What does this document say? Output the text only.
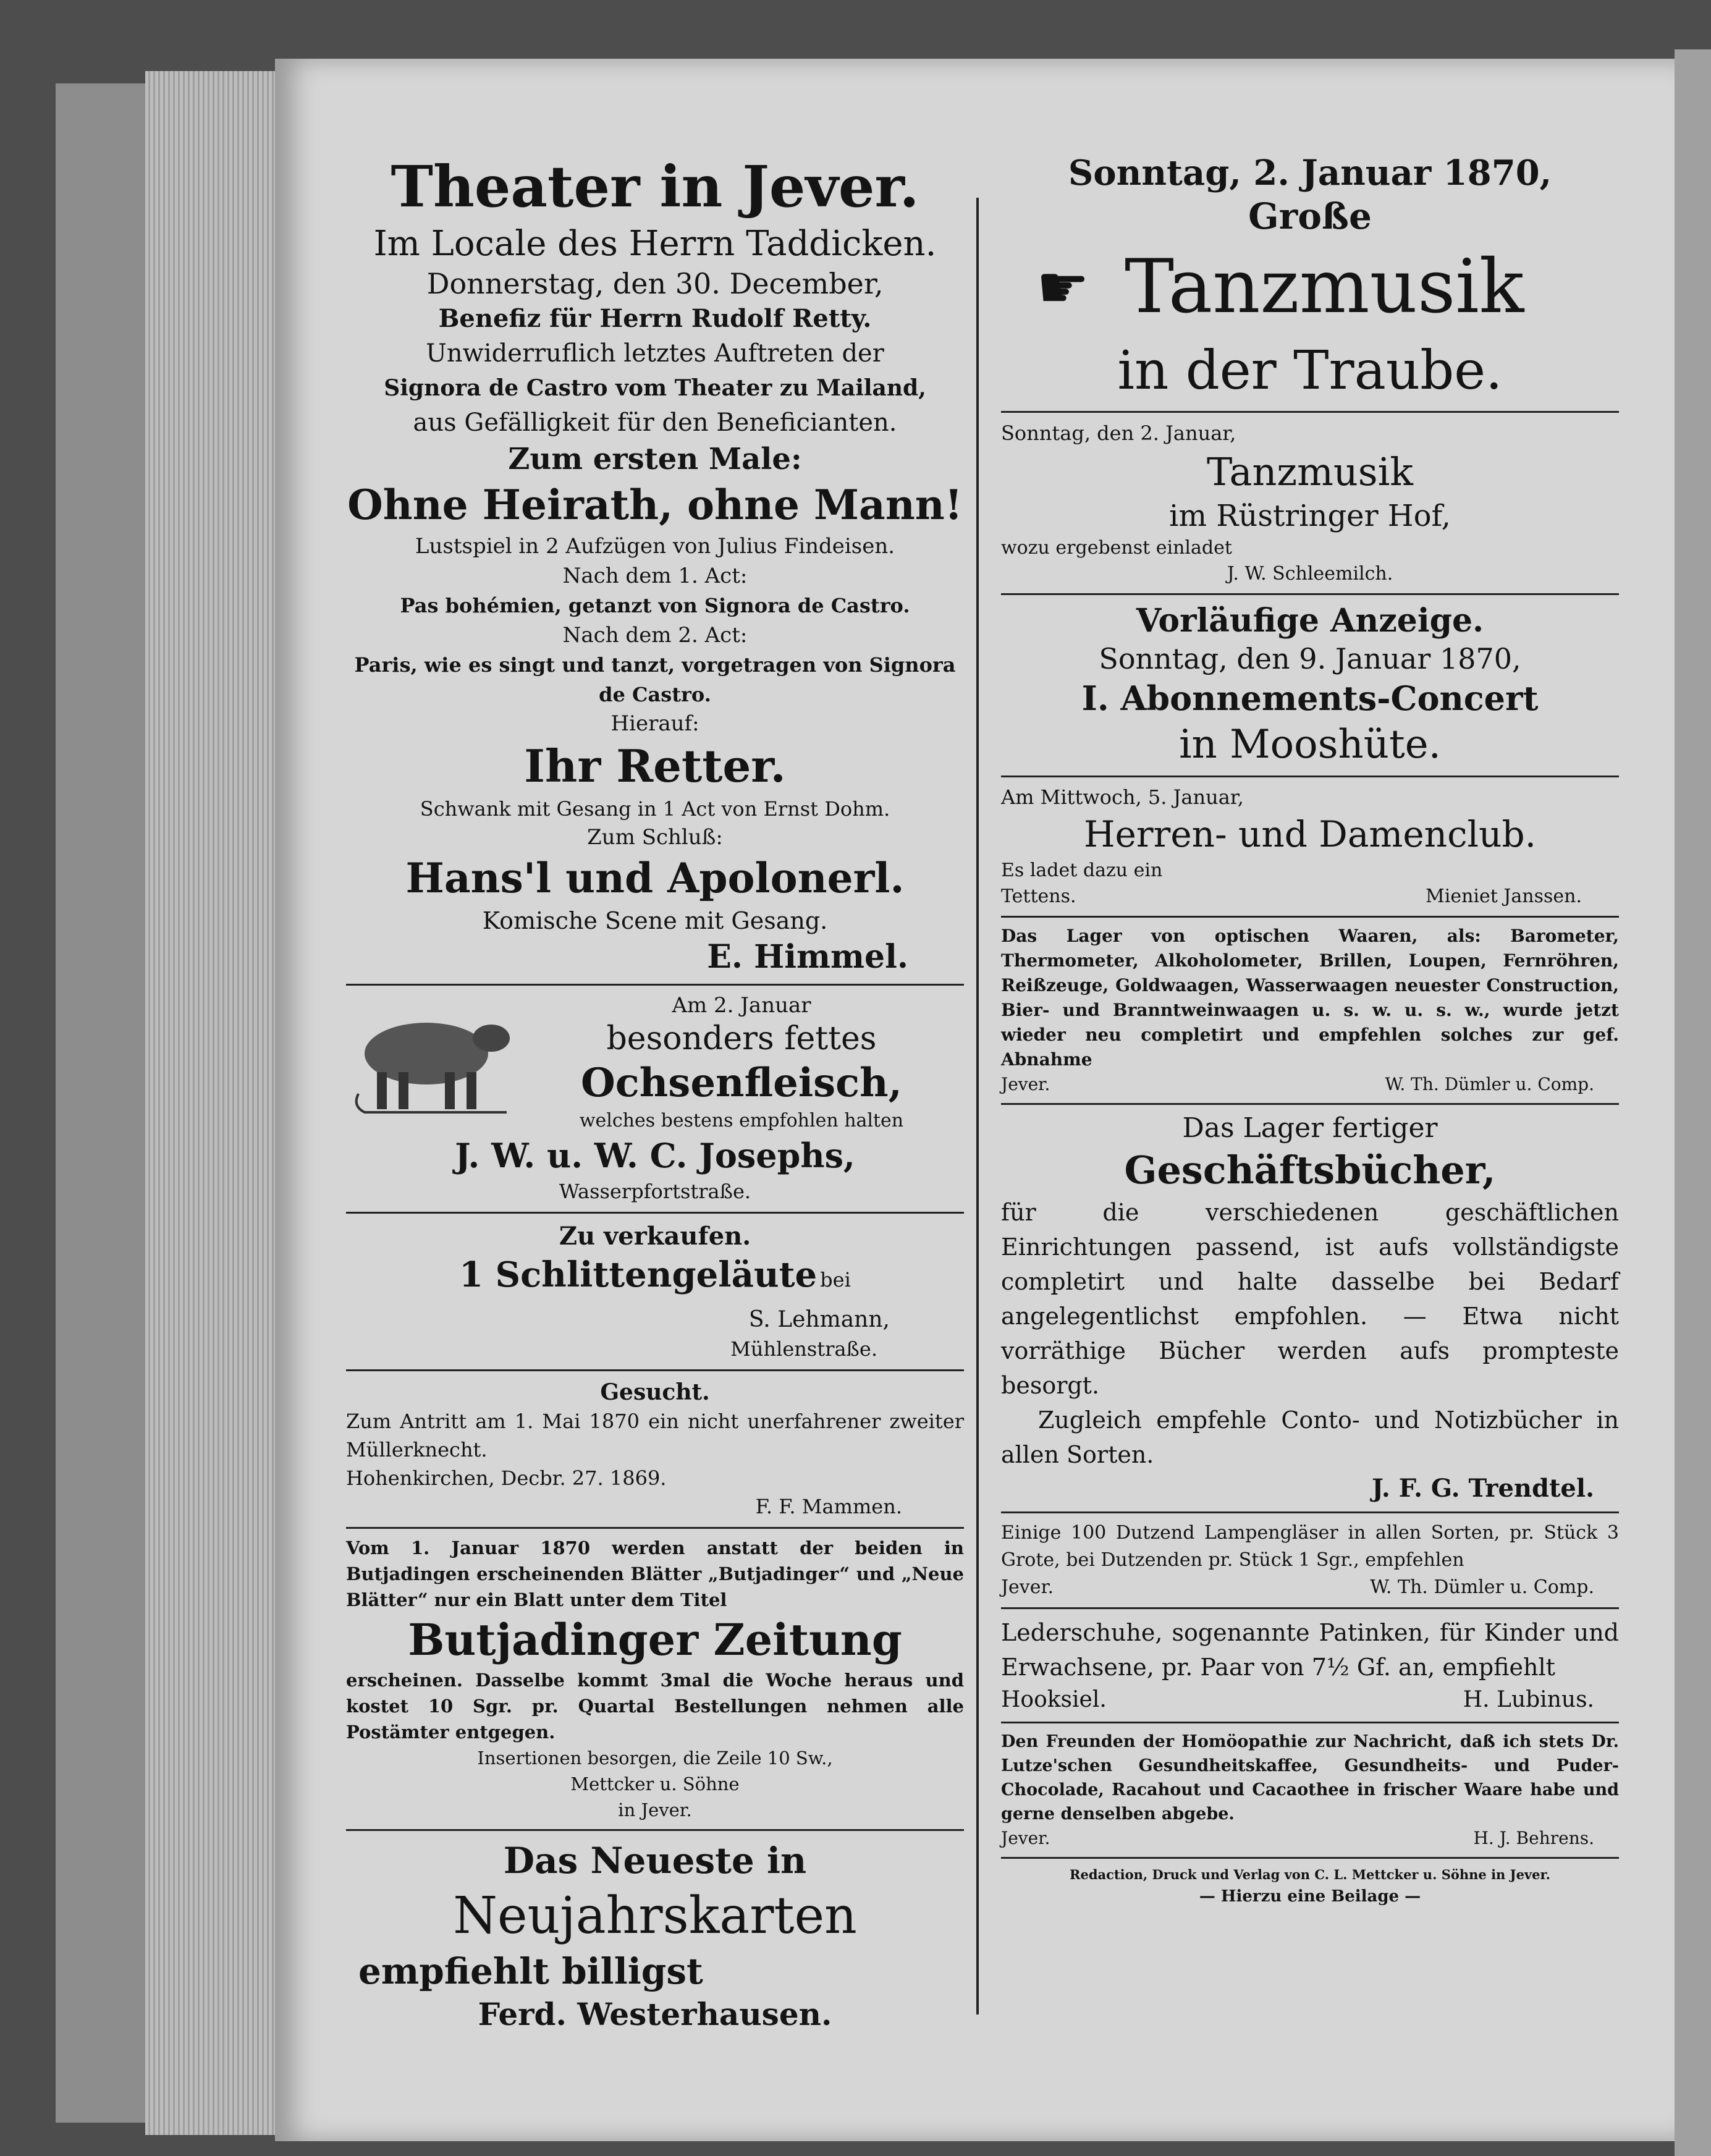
Theater in Jever.

Im Locale des Herrn Taddicken.

Donnerstag, den 30. December,

Benefiz für Herrn Rudolf Retty.

Unwiderruflich letztes Auftreten der

Signora de Castro vom Theater zu Mailand,

aus Gefälligkeit für den Beneficianten.

Zum ersten Male:

Ohne Heirath, ohne Mann!

Lustspiel in 2 Aufzügen von Julius Findeisen.

Nach dem 1. Act:

Pas bohémien, getanzt von Signora de Castro.

Nach dem 2. Act:

Paris, wie es singt und tanzt, vorgetragen von Signora de Castro.

Hierauf:

Ihr Retter.

Schwank mit Gesang in 1 Act von Ernst Dohm.

Zum Schluß:

Hans'l und Apolonerl.

Komische Scene mit Gesang.

E. Himmel.

Am 2. Januar

besonders fettes

Ochsenfleisch,

welches bestens empfohlen halten

J. W. u. W. C. Josephs,

Wasserpfortstraße.

Zu verkaufen.

1 Schlittengeläute bei

S. Lehmann,

Mühlenstraße.

Gesucht.

Zum Antritt am 1. Mai 1870 ein nicht unerfahrener zweiter Müllerknecht.

Hohenkirchen, Decbr. 27. 1869.

F. F. Mammen.

Vom 1. Januar 1870 werden anstatt der beiden in Butjadingen erscheinenden Blätter „Butjadinger“ und „Neue Blätter“ nur ein Blatt unter dem Titel

Butjadinger Zeitung

erscheinen. Dasselbe kommt 3mal die Woche heraus und kostet 10 Sgr. pr. Quartal Bestellungen nehmen alle Postämter entgegen.

Insertionen besorgen, die Zeile 10 Sw.,

Mettcker u. Söhne

in Jever.

Das Neueste in

Neujahrskarten

empfiehlt billigst

Ferd. Westerhausen.

Sonntag, 2. Januar 1870,

Große

☛ Tanzmusik

in der Traube.

Sonntag, den 2. Januar,

Tanzmusik

im Rüstringer Hof,

wozu ergebenst einladet

J. W. Schleemilch.

Vorläufige Anzeige.

Sonntag, den 9. Januar 1870,

I. Abonnements-Concert

in Mooshüte.

Am Mittwoch, 5. Januar,

Herren- und Damenclub.

Es ladet dazu ein

Tettens.	Mieniet Janssen.

Das Lager von optischen Waaren, als: Barometer, Thermometer, Alkoholometer, Brillen, Loupen, Fernröhren, Reißzeuge, Goldwaagen, Wasserwaagen neuester Construction, Bier- und Branntweinwaagen u. s. w. u. s. w., wurde jetzt wieder neu completirt und empfehlen solches zur gef. Abnahme

Jever.	W. Th. Dümler u. Comp.

Das Lager fertiger

Geschäftsbücher,

für die verschiedenen geschäftlichen Einrichtungen passend, ist aufs vollständigste completirt und halte dasselbe bei Bedarf angelegentlichst empfohlen. — Etwa nicht vorräthige Bücher werden aufs prompteste besorgt.

Zugleich empfehle Conto- und Notizbücher in allen Sorten.

J. F. G. Trendtel.

Einige 100 Dutzend Lampengläser in allen Sorten, pr. Stück 3 Grote, bei Dutzenden pr. Stück 1 Sgr., empfehlen

Jever.	W. Th. Dümler u. Comp.

Lederschuhe, sogenannte Patinken, für Kinder und Erwachsene, pr. Paar von 7½ Gf. an, empfiehlt

Hooksiel.	H. Lubinus.

Den Freunden der Homöopathie zur Nachricht, daß ich stets Dr. Lutze'schen Gesundheitskaffee, Gesundheits- und Puder-Chocolade, Racahout und Cacaothee in frischer Waare habe und gerne denselben abgebe.

Jever.	H. J. Behrens.

Redaction, Druck und Verlag von C. L. Mettcker u. Söhne in Jever.

— Hierzu eine Beilage —
